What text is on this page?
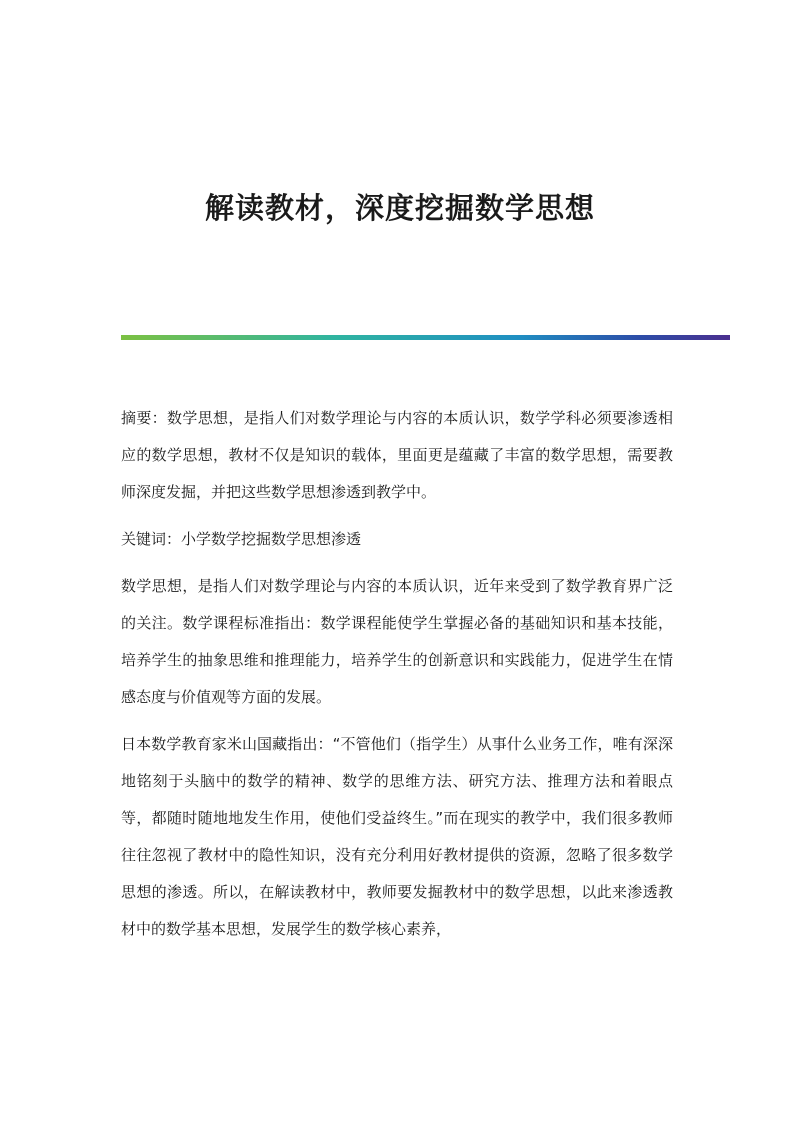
解读教材，深度挖掘数学思想

摘要：数学思想，是指人们对数学理论与内容的本质认识，数学学科必须要渗透相应的数学思想，教材不仅是知识的载体，里面更是蕴藏了丰富的数学思想，需要教师深度发掘，并把这些数学思想渗透到教学中。

关键词：小学数学挖掘数学思想渗透

数学思想，是指人们对数学理论与内容的本质认识，近年来受到了数学教育界广泛的关注。数学课程标准指出：数学课程能使学生掌握必备的基础知识和基本技能，培养学生的抽象思维和推理能力，培养学生的创新意识和实践能力，促进学生在情感态度与价值观等方面的发展。

日本数学教育家米山国藏指出：“不管他们（指学生）从事什么业务工作，唯有深深地铭刻于头脑中的数学的精神、数学的思维方法、研究方法、推理方法和着眼点等，都随时随地地发生作用，使他们受益终生。”而在现实的教学中，我们很多教师往往忽视了教材中的隐性知识，没有充分利用好教材提供的资源，忽略了很多数学思想的渗透。所以，在解读教材中，教师要发掘教材中的数学思想，以此来渗透教材中的数学基本思想，发展学生的数学核心素养，
